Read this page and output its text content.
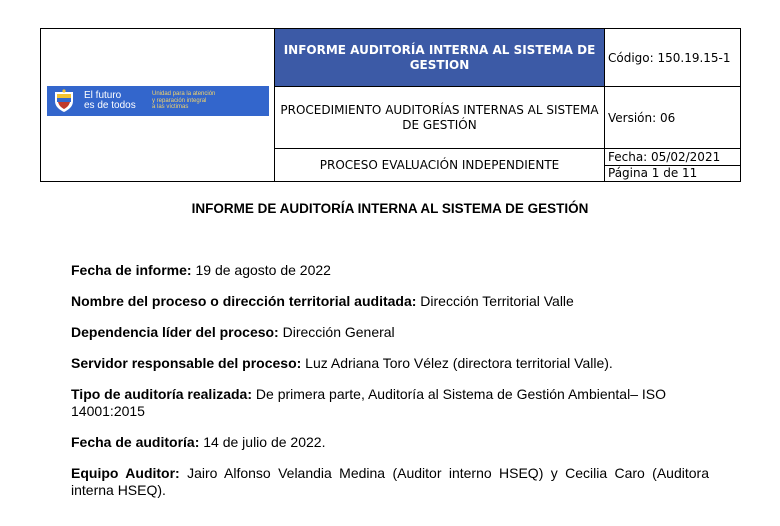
El futuro
es de todos
Unidad para la atención
y reparación integral
a las víctimas	INFORME AUDITORÍA INTERNA AL SISTEMA DE GESTION	Código: 150.19.15-1
	PROCEDIMIENTO AUDITORÍAS INTERNAS AL SISTEMA DE GESTIÓN	Versión: 06
	PROCESO EVALUACIÓN INDEPENDIENTE	Fecha: 05/02/2021
Página 1 de 11
INFORME DE AUDITORÍA INTERNA AL SISTEMA DE GESTIÓN
Fecha de informe: 19 de agosto de 2022
Nombre del proceso o dirección territorial auditada: Dirección Territorial Valle
Dependencia líder del proceso: Dirección General
Servidor responsable del proceso: Luz Adriana Toro Vélez (directora territorial Valle).
Tipo de auditoría realizada: De primera parte, Auditoría al Sistema de Gestión Ambiental– ISO 14001:2015
Fecha de auditoría: 14 de julio de 2022.
Equipo Auditor: Jairo Alfonso Velandia Medina (Auditor interno HSEQ) y Cecilia Caro (Auditora interna HSEQ).
